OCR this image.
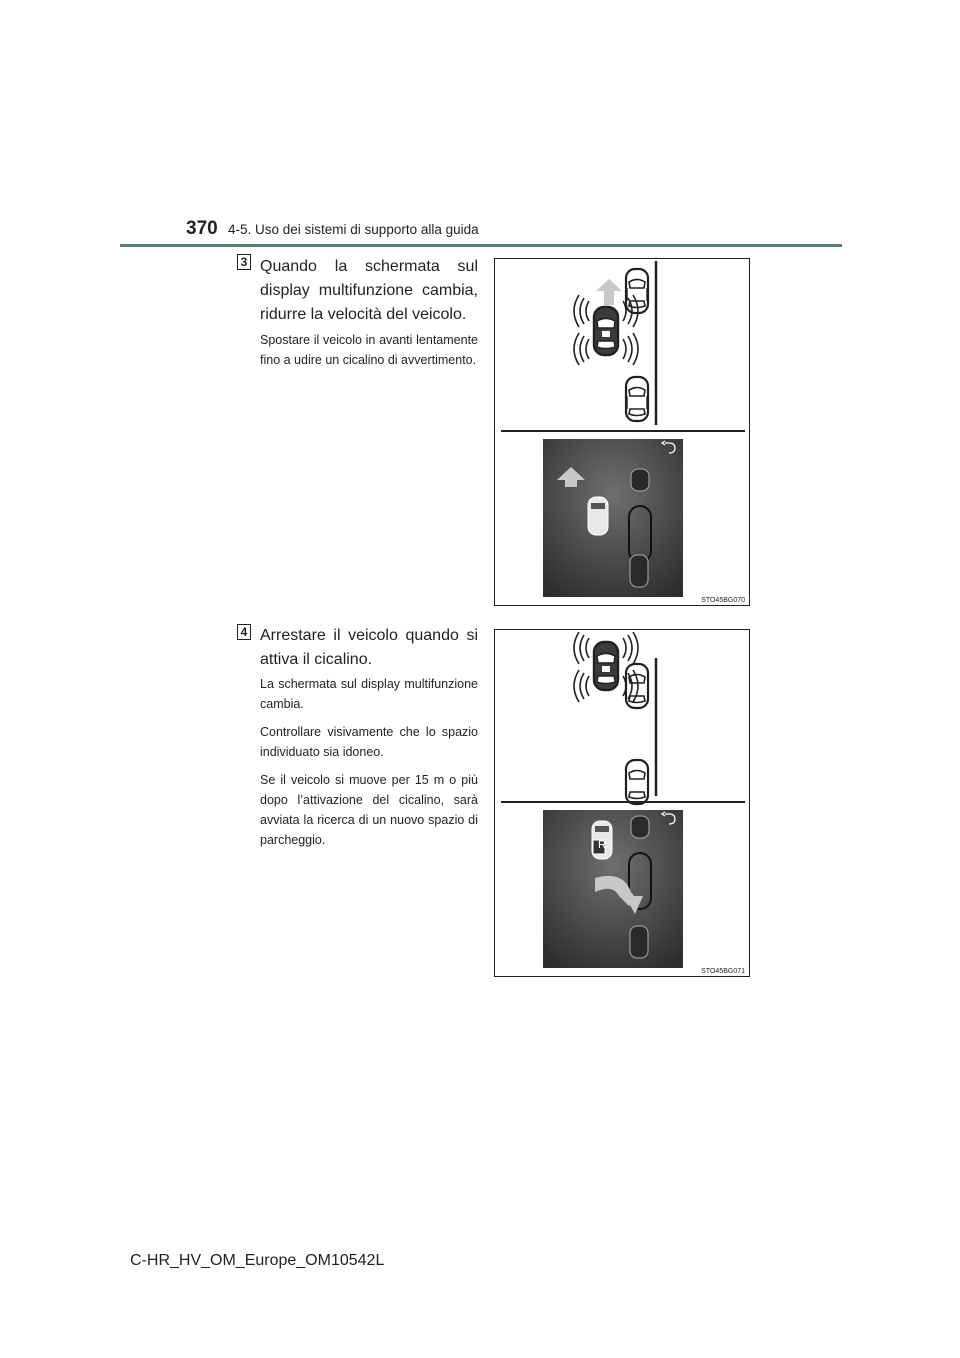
370 4-5. Uso dei sistemi di supporto alla guida
3 Quando la schermata sul display multifunzione cambia, ridurre la velocità del veicolo.

Spostare il veicolo in avanti lentamente fino a udire un cicalino di avvertimento.

STO45BG070
4 Arrestare il veicolo quando si attiva il cicalino.

La schermata sul display multifunzione cambia.

Controllare visivamente che lo spazio individuato sia idoneo.

Se il veicolo si muove per 15 m o più dopo l’attivazione del cicalino, sarà avviata la ricerca di un nuovo spazio di parcheggio.	R
STO45BG071
C-HR_HV_OM_Europe_OM10542L
